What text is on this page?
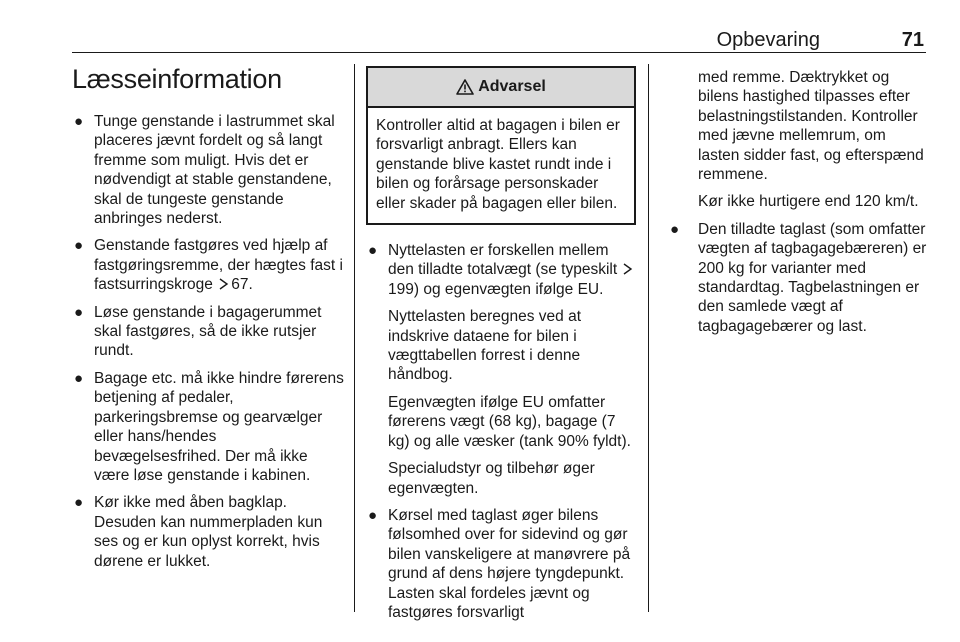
Opbevaring	71
Læsseinformation
● Tunge genstande i lastrummet skal placeres jævnt fordelt og så langt fremme som muligt. Hvis det er nødvendigt at stable genstandene, skal de tungeste genstande anbringes nederst.
● Genstande fastgøres ved hjælp af fastgøringsremme, der hægtes fast i fastsurringskroge 67.
● Løse genstande i bagagerummet skal fastgøres, så de ikke rutsjer rundt.
● Bagage etc. må ikke hindre førerens betjening af pedaler, parkeringsbremse og gearvælger eller hans/hendes bevægelsesfrihed. Der må ikke være løse genstande i kabinen.
● Kør ikke med åben bagklap. Desuden kan nummerpladen kun ses og er kun oplyst korrekt, hvis dørene er lukket.
Advarsel
Kontroller altid at bagagen i bilen er forsvarligt anbragt. Ellers kan genstande blive kastet rundt inde i bilen og forårsage personskader eller skader på bagagen eller bilen.
● Nyttelasten er forskellen mellem den tilladte totalvægt (se typeskilt 199) og egenvægten ifølge EU.
Nyttelasten beregnes ved at indskrive dataene for bilen i vægttabellen forrest i denne håndbog.
Egenvægten ifølge EU omfatter førerens vægt (68 kg), bagage (7 kg) og alle væsker (tank 90% fyldt).
Specialudstyr og tilbehør øger egenvægten.
● Kørsel med taglast øger bilens følsomhed over for sidevind og gør bilen vanskeligere at manøvrere på grund af dens højere tyngdepunkt. Lasten skal fordeles jævnt og fastgøres forsvarligt
med remme. Dæktrykket og bilens hastighed tilpasses efter belastningstilstanden. Kontroller med jævne mellemrum, om lasten sidder fast, og efterspænd remmene.
Kør ikke hurtigere end 120 km/t.
● Den tilladte taglast (som omfatter vægten af tagbagagebæreren) er 200 kg for varianter med standardtag. Tagbelastningen er den samlede vægt af tagbagagebærer og last.
